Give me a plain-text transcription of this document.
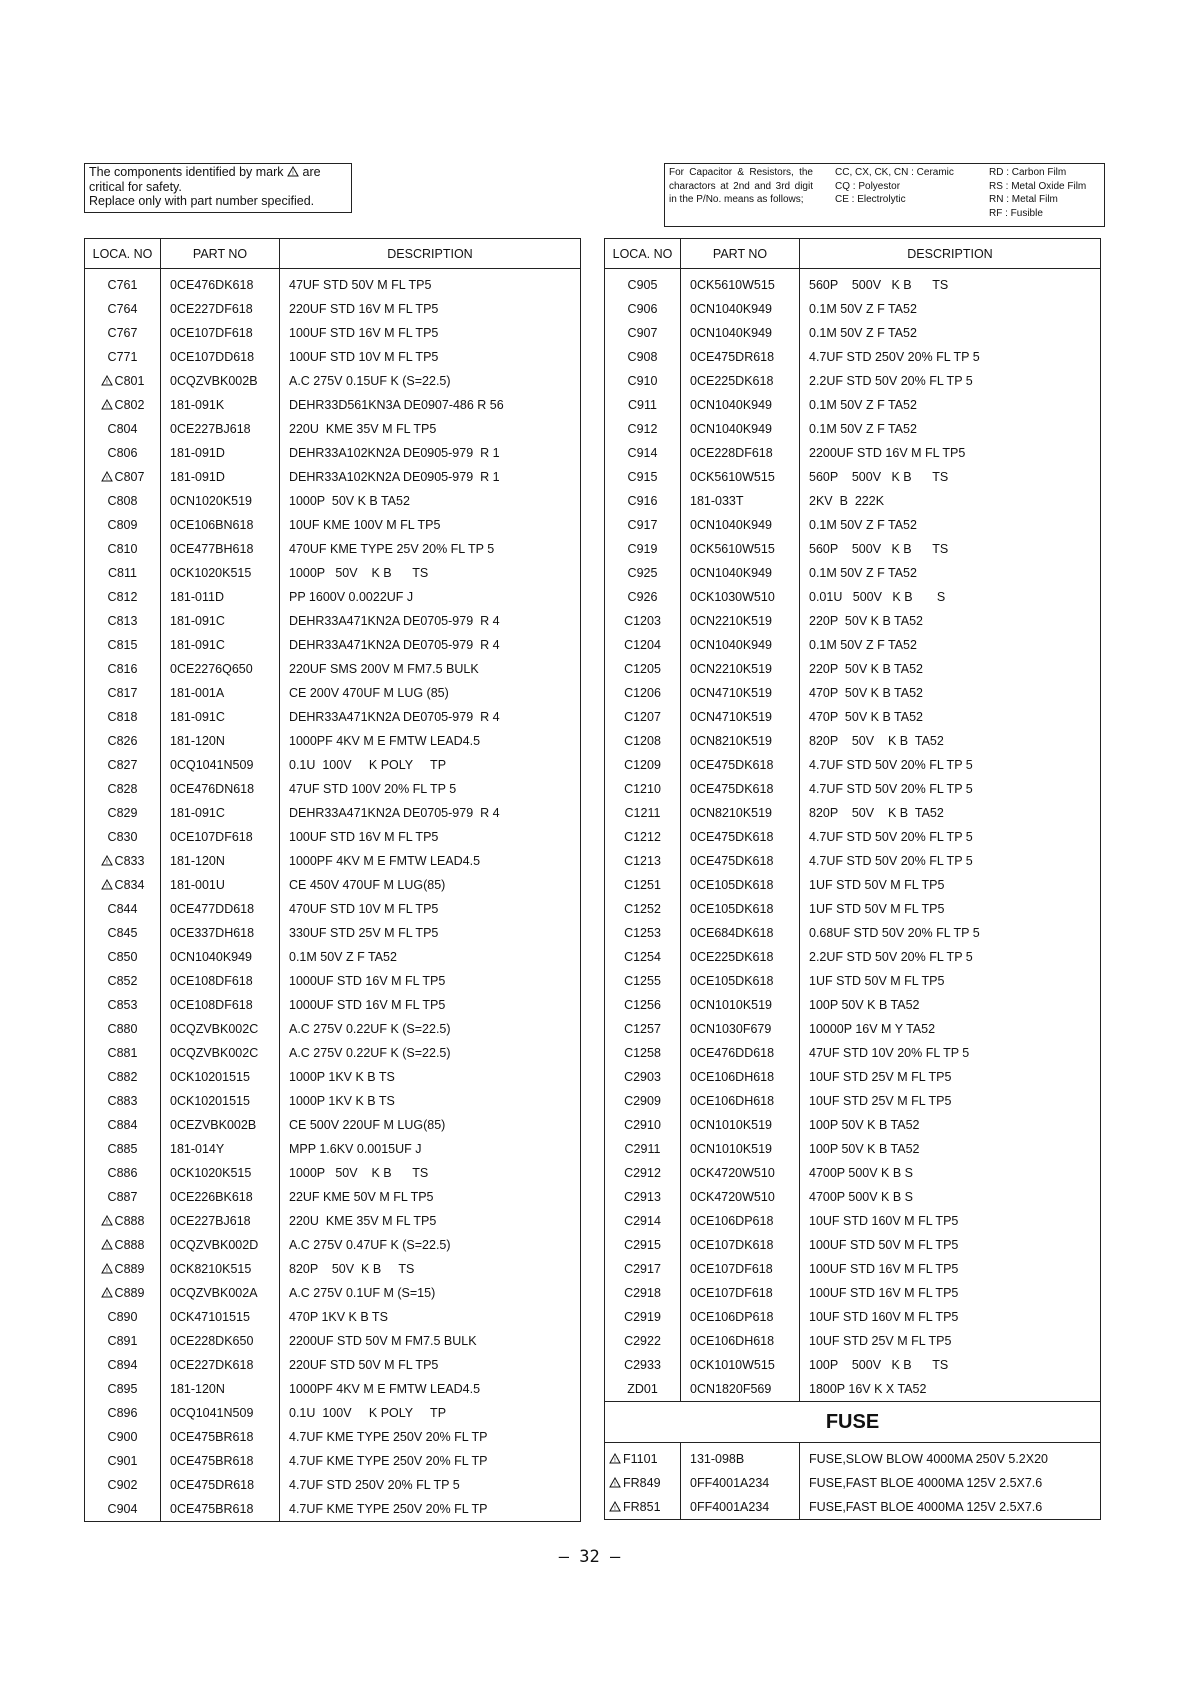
The components identified by mark ! are
critical for safety.
Replace only with part number specified.
For Capacitor & Resistors, the charactors at 2nd and 3rd digit in the P/No. means as follows;
CC, CX, CK, CN : Ceramic
CQ : Polyestor
CE : Electrolytic
RD : Carbon Film
RS : Metal Oxide Film
RN : Metal Film
RF : Fusible
LOCA. NO	PART NO	DESCRIPTION
C761	0CE476DK618	47UF STD 50V M FL TP5
C764	0CE227DF618	220UF STD 16V M FL TP5
C767	0CE107DF618	100UF STD 16V M FL TP5
C771	0CE107DD618	100UF STD 10V M FL TP5

! C801	0CQZVBK002B	A.C 275V 0.15UF K (S=22.5)

! C802	181-091K	DEHR33D561KN3A DE0907-486 R 56
C804	0CE227BJ618	220U  KME 35V M FL TP5
C806	181-091D	DEHR33A102KN2A DE0905-979  R 1

! C807	181-091D	DEHR33A102KN2A DE0905-979  R 1
C808	0CN1020K519	1000P  50V K B TA52
C809	0CE106BN618	10UF KME 100V M FL TP5
C810	0CE477BH618	470UF KME TYPE 25V 20% FL TP 5
C811	0CK1020K515	1000P   50V    K B      TS
C812	181-011D	PP 1600V 0.0022UF J
C813	181-091C	DEHR33A471KN2A DE0705-979  R 4
C815	181-091C	DEHR33A471KN2A DE0705-979  R 4
C816	0CE2276Q650	220UF SMS 200V M FM7.5 BULK
C817	181-001A	CE 200V 470UF M LUG (85)
C818	181-091C	DEHR33A471KN2A DE0705-979  R 4
C826	181-120N	1000PF 4KV M E FMTW LEAD4.5
C827	0CQ1041N509	0.1U  100V     K POLY     TP
C828	0CE476DN618	47UF STD 100V 20% FL TP 5
C829	181-091C	DEHR33A471KN2A DE0705-979  R 4
C830	0CE107DF618	100UF STD 16V M FL TP5

! C833	181-120N	1000PF 4KV M E FMTW LEAD4.5

! C834	181-001U	CE 450V 470UF M LUG(85)
C844	0CE477DD618	470UF STD 10V M FL TP5
C845	0CE337DH618	330UF STD 25V M FL TP5
C850	0CN1040K949	0.1M 50V Z F TA52
C852	0CE108DF618	1000UF STD 16V M FL TP5
C853	0CE108DF618	1000UF STD 16V M FL TP5
C880	0CQZVBK002C	A.C 275V 0.22UF K (S=22.5)
C881	0CQZVBK002C	A.C 275V 0.22UF K (S=22.5)
C882	0CK10201515	1000P 1KV K B TS
C883	0CK10201515	1000P 1KV K B TS
C884	0CEZVBK002B	CE 500V 220UF M LUG(85)
C885	181-014Y	MPP 1.6KV 0.0015UF J
C886	0CK1020K515	1000P   50V    K B      TS
C887	0CE226BK618	22UF KME 50V M FL TP5

! C888	0CE227BJ618	220U  KME 35V M FL TP5

! C888	0CQZVBK002D	A.C 275V 0.47UF K (S=22.5)

! C889	0CK8210K515	820P    50V  K B     TS

! C889	0CQZVBK002A	A.C 275V 0.1UF M (S=15)
C890	0CK47101515	470P 1KV K B TS
C891	0CE228DK650	2200UF STD 50V M FM7.5 BULK
C894	0CE227DK618	220UF STD 50V M FL TP5
C895	181-120N	1000PF 4KV M E FMTW LEAD4.5
C896	0CQ1041N509	0.1U  100V     K POLY     TP
C900	0CE475BR618	4.7UF KME TYPE 250V 20% FL TP
C901	0CE475BR618	4.7UF KME TYPE 250V 20% FL TP
C902	0CE475DR618	4.7UF STD 250V 20% FL TP 5
C904	0CE475BR618	4.7UF KME TYPE 250V 20% FL TP
LOCA. NO	PART NO	DESCRIPTION
C905	0CK5610W515	560P    500V   K B      TS
C906	0CN1040K949	0.1M 50V Z F TA52
C907	0CN1040K949	0.1M 50V Z F TA52
C908	0CE475DR618	4.7UF STD 250V 20% FL TP 5
C910	0CE225DK618	2.2UF STD 50V 20% FL TP 5
C911	0CN1040K949	0.1M 50V Z F TA52
C912	0CN1040K949	0.1M 50V Z F TA52
C914	0CE228DF618	2200UF STD 16V M FL TP5
C915	0CK5610W515	560P    500V   K B      TS
C916	181-033T	2KV  B  222K
C917	0CN1040K949	0.1M 50V Z F TA52
C919	0CK5610W515	560P    500V   K B      TS
C925	0CN1040K949	0.1M 50V Z F TA52
C926	0CK1030W510	0.01U   500V   K B       S
C1203	0CN2210K519	220P  50V K B TA52
C1204	0CN1040K949	0.1M 50V Z F TA52
C1205	0CN2210K519	220P  50V K B TA52
C1206	0CN4710K519	470P  50V K B TA52
C1207	0CN4710K519	470P  50V K B TA52
C1208	0CN8210K519	820P    50V    K B  TA52
C1209	0CE475DK618	4.7UF STD 50V 20% FL TP 5
C1210	0CE475DK618	4.7UF STD 50V 20% FL TP 5
C1211	0CN8210K519	820P    50V    K B  TA52
C1212	0CE475DK618	4.7UF STD 50V 20% FL TP 5
C1213	0CE475DK618	4.7UF STD 50V 20% FL TP 5
C1251	0CE105DK618	1UF STD 50V M FL TP5
C1252	0CE105DK618	1UF STD 50V M FL TP5
C1253	0CE684DK618	0.68UF STD 50V 20% FL TP 5
C1254	0CE225DK618	2.2UF STD 50V 20% FL TP 5
C1255	0CE105DK618	1UF STD 50V M FL TP5
C1256	0CN1010K519	100P 50V K B TA52
C1257	0CN1030F679	10000P 16V M Y TA52
C1258	0CE476DD618	47UF STD 10V 20% FL TP 5
C2903	0CE106DH618	10UF STD 25V M FL TP5
C2909	0CE106DH618	10UF STD 25V M FL TP5
C2910	0CN1010K519	100P 50V K B TA52
C2911	0CN1010K519	100P 50V K B TA52
C2912	0CK4720W510	4700P 500V K B S
C2913	0CK4720W510	4700P 500V K B S
C2914	0CE106DP618	10UF STD 160V M FL TP5
C2915	0CE107DK618	100UF STD 50V M FL TP5
C2917	0CE107DF618	100UF STD 16V M FL TP5
C2918	0CE107DF618	100UF STD 16V M FL TP5
C2919	0CE106DP618	10UF STD 160V M FL TP5
C2922	0CE106DH618	10UF STD 25V M FL TP5
C2933	0CK1010W515	100P    500V   K B      TS
ZD01	0CN1820F569	1800P 16V K X TA52
FUSE		

! F1101	131-098B	FUSE,SLOW BLOW 4000MA 250V 5.2X20

! FR849	0FF4001A234	FUSE,FAST BLOE 4000MA 125V 2.5X7.6

! FR851	0FF4001A234	FUSE,FAST BLOE 4000MA 125V 2.5X7.6
– 32 –
